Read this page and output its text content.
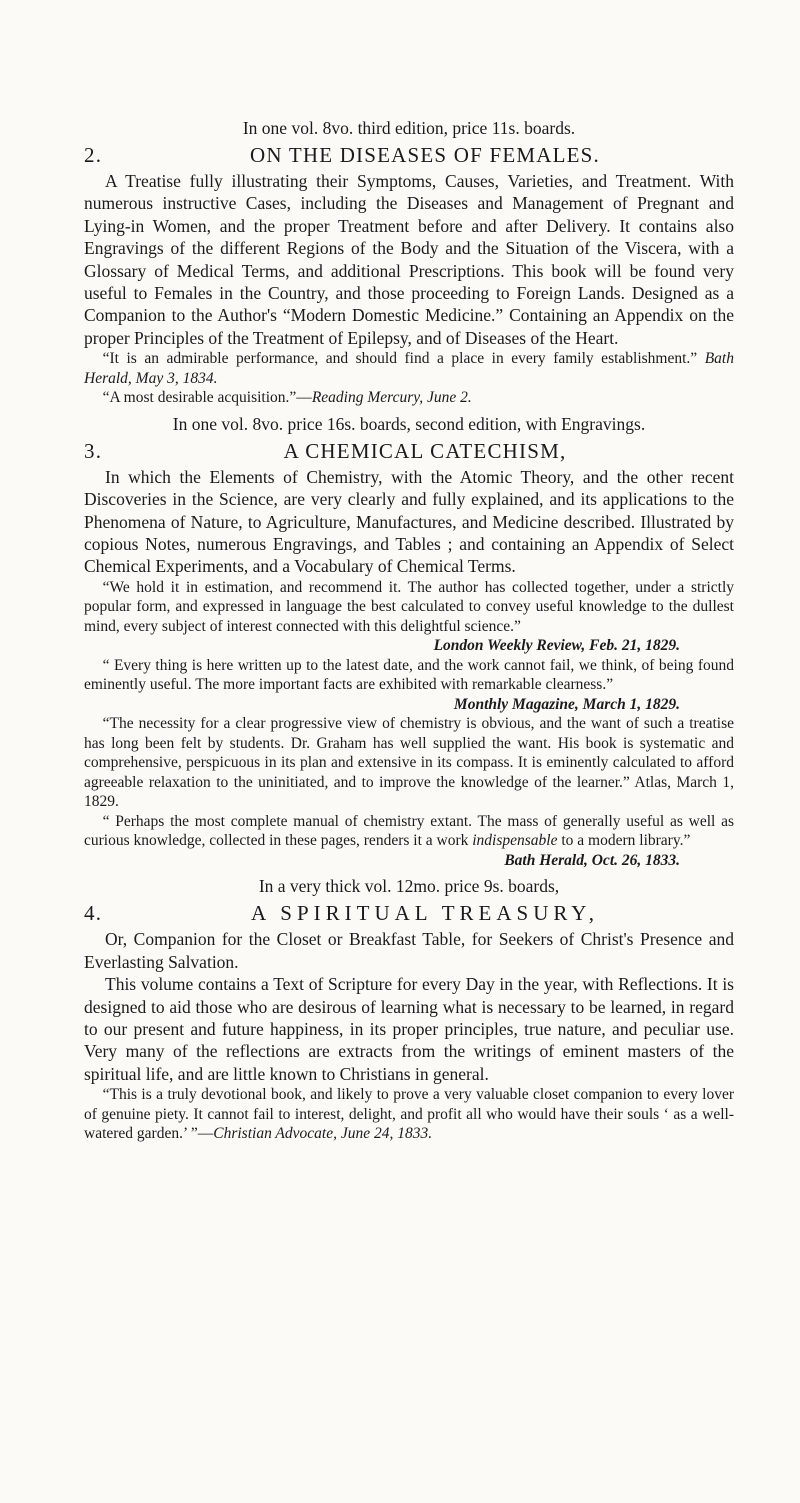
In one vol. 8vo. third edition, price 11s. boards.

2.	ON THE DISEASES OF FEMALES.

A Treatise fully illustrating their Symptoms, Causes, Varieties, and Treatment. With numerous instructive Cases, including the Diseases and Management of Pregnant and Lying-in Women, and the proper Treatment before and after Delivery. It contains also Engravings of the different Regions of the Body and the Situation of the Viscera, with a Glossary of Medical Terms, and additional Prescriptions. This book will be found very useful to Females in the Country, and those proceeding to Foreign Lands. Designed as a Companion to the Author's “Modern Domestic Medicine.” Containing an Appendix on the proper Principles of the Treatment of Epilepsy, and of Diseases of the Heart.

“It is an admirable performance, and should find a place in every family establishment.” Bath Herald, May 3, 1834.

“A most desirable acquisition.”—Reading Mercury, June 2.

In one vol. 8vo. price 16s. boards, second edition, with Engravings.

3.	A CHEMICAL CATECHISM,

In which the Elements of Chemistry, with the Atomic Theory, and the other recent Discoveries in the Science, are very clearly and fully explained, and its applications to the Phenomena of Nature, to Agriculture, Manufactures, and Medicine described. Illustrated by copious Notes, numerous Engravings, and Tables ; and containing an Appendix of Select Chemical Experiments, and a Vocabulary of Chemical Terms.

“We hold it in estimation, and recommend it. The author has collected together, under a strictly popular form, and expressed in language the best calculated to convey useful knowledge to the dullest mind, every subject of interest connected with this delightful science.”

London Weekly Review, Feb. 21, 1829.

“ Every thing is here written up to the latest date, and the work cannot fail, we think, of being found eminently useful. The more important facts are exhibited with remarkable clearness.”

Monthly Magazine, March 1, 1829.

“The necessity for a clear progressive view of chemistry is obvious, and the want of such a treatise has long been felt by students. Dr. Graham has well supplied the want. His book is systematic and comprehensive, perspicuous in its plan and extensive in its compass. It is eminently calculated to afford agreeable relaxation to the uninitiated, and to improve the knowledge of the learner.” Atlas, March 1, 1829.

“ Perhaps the most complete manual of chemistry extant. The mass of generally useful as well as curious knowledge, collected in these pages, renders it a work indispensable to a modern library.”

Bath Herald, Oct. 26, 1833.

In a very thick vol. 12mo. price 9s. boards,

4.	A SPIRITUAL TREASURY,

Or, Companion for the Closet or Breakfast Table, for Seekers of Christ's Presence and Everlasting Salvation.

This volume contains a Text of Scripture for every Day in the year, with Reflections. It is designed to aid those who are desirous of learning what is necessary to be learned, in regard to our present and future happiness, in its proper principles, true nature, and peculiar use. Very many of the reflections are extracts from the writings of eminent masters of the spiritual life, and are little known to Christians in general.

“This is a truly devotional book, and likely to prove a very valuable closet companion to every lover of genuine piety. It cannot fail to interest, delight, and profit all who would have their souls ‘ as a well-watered garden.’ ”—Christian Advocate, June 24, 1833.
